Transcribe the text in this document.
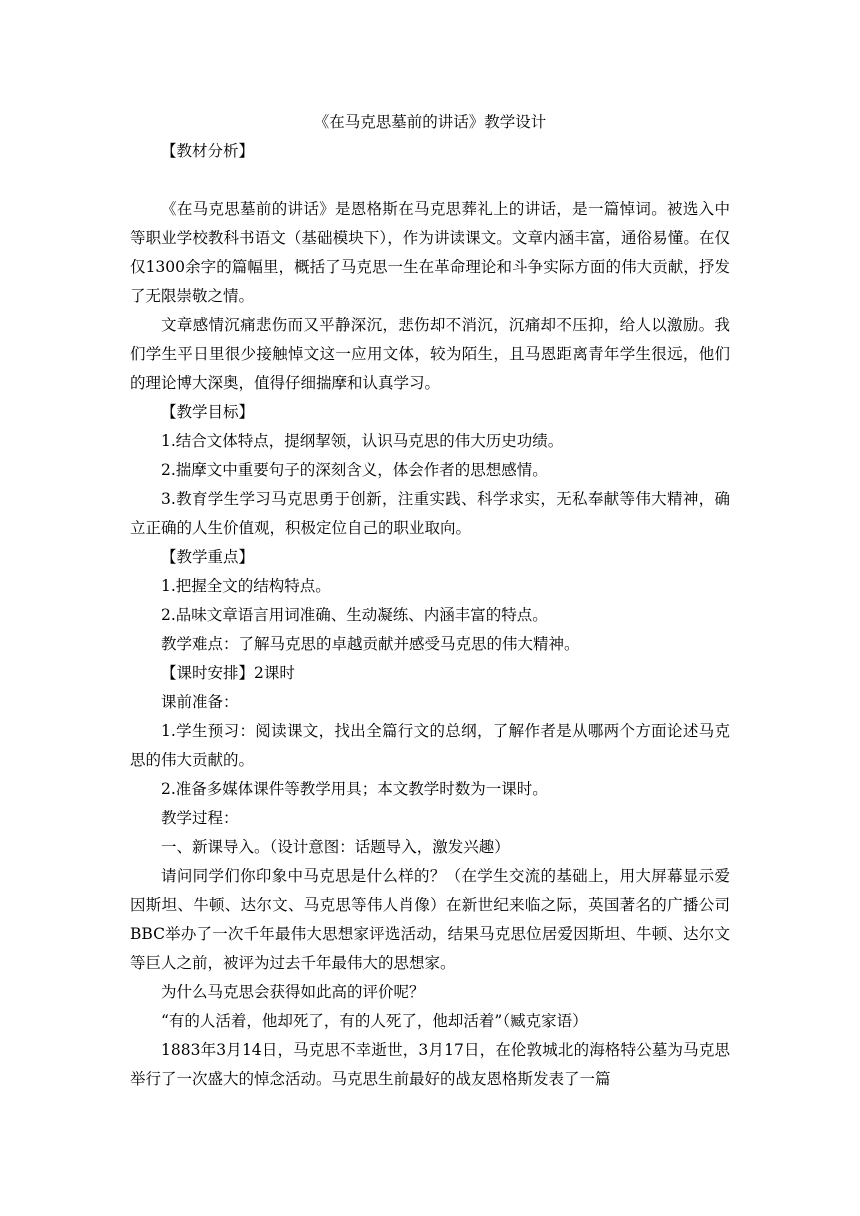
《在马克思墓前的讲话》教学设计

【教材分析】

《在马克思墓前的讲话》是恩格斯在马克思葬礼上的讲话，是一篇悼词。被选入中等职业学校教科书语文（基础模块下），作为讲读课文。文章内涵丰富，通俗易懂。在仅仅1300余字的篇幅里，概括了马克思一生在革命理论和斗争实际方面的伟大贡献，抒发了无限崇敬之情。

文章感情沉痛悲伤而又平静深沉，悲伤却不消沉，沉痛却不压抑，给人以激励。我们学生平日里很少接触悼文这一应用文体，较为陌生，且马恩距离青年学生很远，他们的理论博大深奥，值得仔细揣摩和认真学习。

【教学目标】

1.结合文体特点，提纲挈领，认识马克思的伟大历史功绩。

2.揣摩文中重要句子的深刻含义，体会作者的思想感情。

3.教育学生学习马克思勇于创新，注重实践、科学求实，无私奉献等伟大精神，确立正确的人生价值观，积极定位自己的职业取向。

【教学重点】

1.把握全文的结构特点。

2.品味文章语言用词准确、生动凝练、内涵丰富的特点。

教学难点：了解马克思的卓越贡献并感受马克思的伟大精神。

【课时安排】2课时

课前准备：

1.学生预习：阅读课文，找出全篇行文的总纲，了解作者是从哪两个方面论述马克思的伟大贡献的。

2.准备多媒体课件等教学用具；本文教学时数为一课时。

教学过程：

一、新课导入。（设计意图：话题导入，激发兴趣）

请问同学们你印象中马克思是什么样的？（在学生交流的基础上，用大屏幕显示爱因斯坦、牛顿、达尔文、马克思等伟人肖像）在新世纪来临之际，英国著名的广播公司BBC举办了一次千年最伟大思想家评选活动，结果马克思位居爱因斯坦、牛顿、达尔文等巨人之前，被评为过去千年最伟大的思想家。

为什么马克思会获得如此高的评价呢？

“有的人活着，他却死了，有的人死了，他却活着”（臧克家语）

1883年3月14日，马克思不幸逝世，3月17日，在伦敦城北的海格特公墓为马克思举行了一次盛大的悼念活动。马克思生前最好的战友恩格斯发表了一篇
